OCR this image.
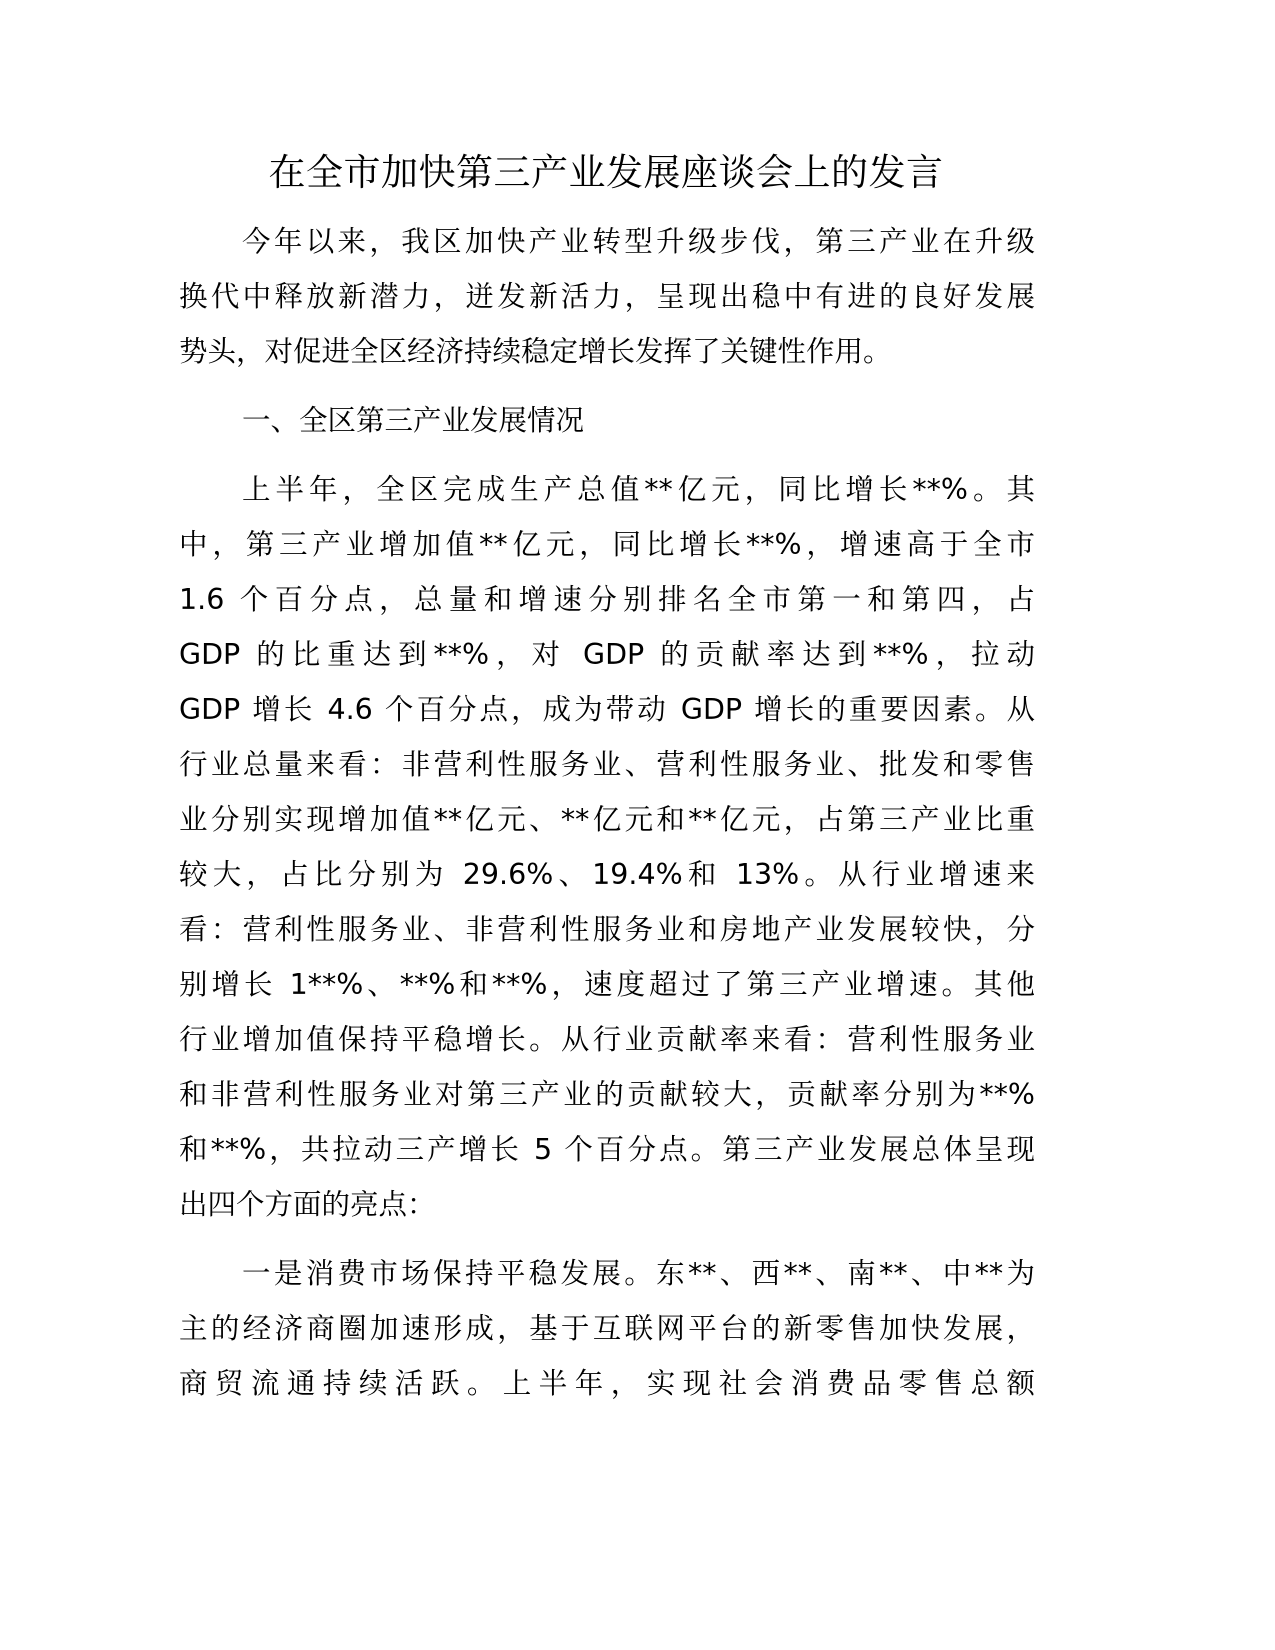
在全市加快第三产业发展座谈会上的发言
今年以来，我区加快产业转型升级步伐，第三产业在升级
换代中释放新潜力，迸发新活力，呈现出稳中有进的良好发展
势头，对促进全区经济持续稳定增长发挥了关键性作用。
一、全区第三产业发展情况
上半年，全区完成生产总值**亿元，同比增长**%。其
中，第三产业增加值**亿元，同比增长**%，增速高于全市
1.6 个百分点，总量和增速分别排名全市第一和第四，占
GDP 的比重达到**%，对 GDP 的贡献率达到**%，拉动
GDP 增长 4.6 个百分点，成为带动 GDP 增长的重要因素。从
行业总量来看：非营利性服务业、营利性服务业、批发和零售
业分别实现增加值**亿元、**亿元和**亿元，占第三产业比重
较大，占比分别为 29.6%、19.4%和 13%。从行业增速来
看：营利性服务业、非营利性服务业和房地产业发展较快，分
别增长 1**%、**%和**%，速度超过了第三产业增速。其他
行业增加值保持平稳增长。从行业贡献率来看：营利性服务业
和非营利性服务业对第三产业的贡献较大，贡献率分别为**%
和**%，共拉动三产增长 5 个百分点。第三产业发展总体呈现
出四个方面的亮点：
一是消费市场保持平稳发展。东**、西**、南**、中**为
主的经济商圈加速形成，基于互联网平台的新零售加快发展，
商贸流通持续活跃。上半年，实现社会消费品零售总额
